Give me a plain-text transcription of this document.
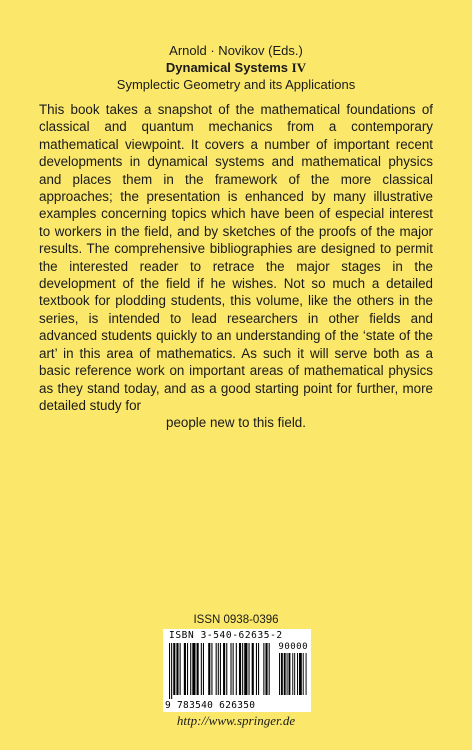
Arnold · Novikov (Eds.)
Dynamical Systems IV
Symplectic Geometry and its Applications

This book takes a snapshot of the mathematical foundations of classical and quantum mechanics from a contemporary mathematical viewpoint. It covers a number of important recent developments in dynamical systems and mathematical physics and places them in the framework of the more classical approaches; the presentation is enhanced by many illustrative examples concerning topics which have been of especial interest to workers in the field, and by sketches of the proofs of the major results. The comprehensive bibliographies are designed to permit the interested reader to retrace the major stages in the development of the field if he wishes. Not so much a detailed textbook for plodding students, this volume, like the others in the series, is intended to lead researchers in other fields and advanced students quickly to an understanding of the ‘state of the art’ in this area of mathematics. As such it will serve both as a basic reference work on important areas of mathematical physics as they stand today, and as a good starting point for further, more detailed study for
people new to this field.

ISSN 0938-0396
ISBN 3-540-62635-2
90000
9 783540 626350
http://www.springer.de
